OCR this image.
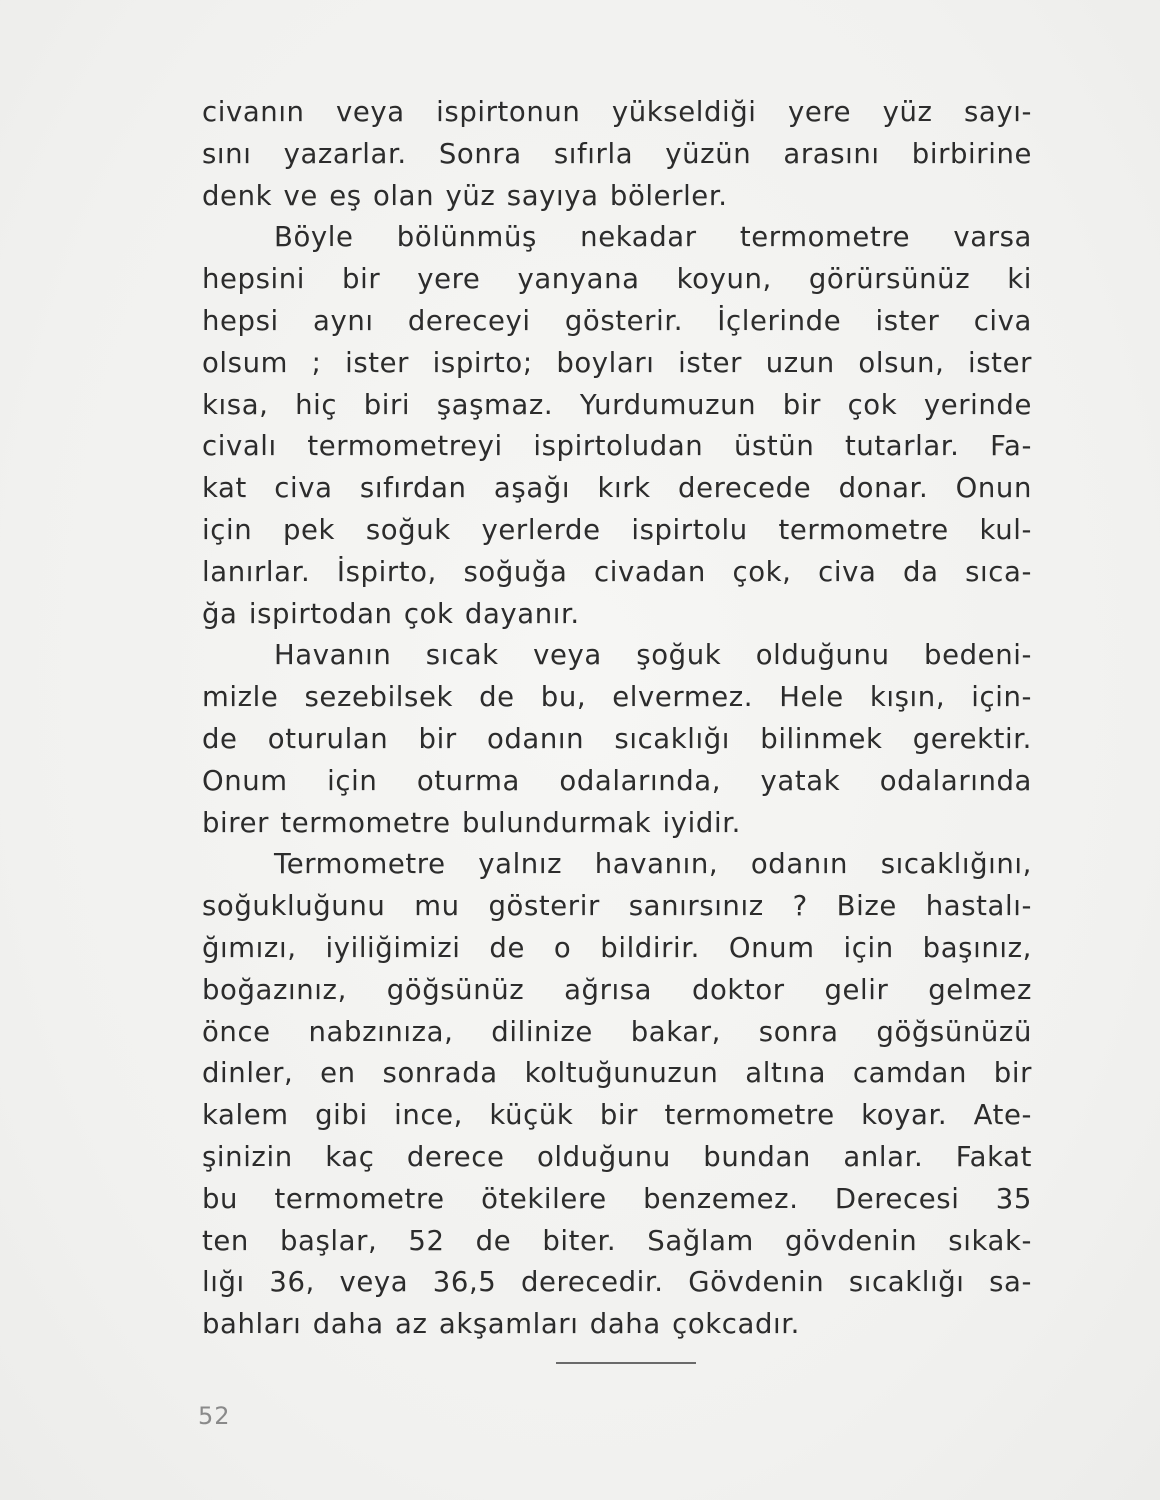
civanın veya ispirtonun yükseldiği yere yüz sayı-
sını yazarlar. Sonra sıfırla yüzün arasını birbirine
denk ve eş olan yüz sayıya bölerler.
Böyle bölünmüş nekadar termometre varsa
hepsini bir yere yanyana koyun, görürsünüz ki
hepsi aynı dereceyi gösterir. İçlerinde ister civa
olsum ; ister ispirto; boyları ister uzun olsun, ister
kısa, hiç biri şaşmaz. Yurdumuzun bir çok yerinde
civalı termometreyi ispirtoludan üstün tutarlar. Fa-
kat civa sıfırdan aşağı kırk derecede donar. Onun
için pek soğuk yerlerde ispirtolu termometre kul-
lanırlar. İspirto, soğuğa civadan çok, civa da sıca-
ğa ispirtodan çok dayanır.
Havanın sıcak veya şoğuk olduğunu bedeni-
mizle sezebilsek de bu, elvermez. Hele kışın, için-
de oturulan bir odanın sıcaklığı bilinmek gerektir.
Onum için oturma odalarında, yatak odalarında
birer termometre bulundurmak iyidir.
Termometre yalnız havanın, odanın sıcaklığını,
soğukluğunu mu gösterir sanırsınız ? Bize hastalı-
ğımızı, iyiliğimizi de o bildirir. Onum için başınız,
boğazınız, göğsünüz ağrısa doktor gelir gelmez
önce nabzınıza, dilinize bakar, sonra göğsünüzü
dinler, en sonrada koltuğunuzun altına camdan bir
kalem gibi ince, küçük bir termometre koyar. Ate-
şinizin kaç derece olduğunu bundan anlar. Fakat
bu termometre ötekilere benzemez. Derecesi 35
ten başlar, 52 de biter. Sağlam gövdenin sıkak-
lığı 36, veya 36,5 derecedir. Gövdenin sıcaklığı sa-
bahları daha az akşamları daha çokcadır.
52
